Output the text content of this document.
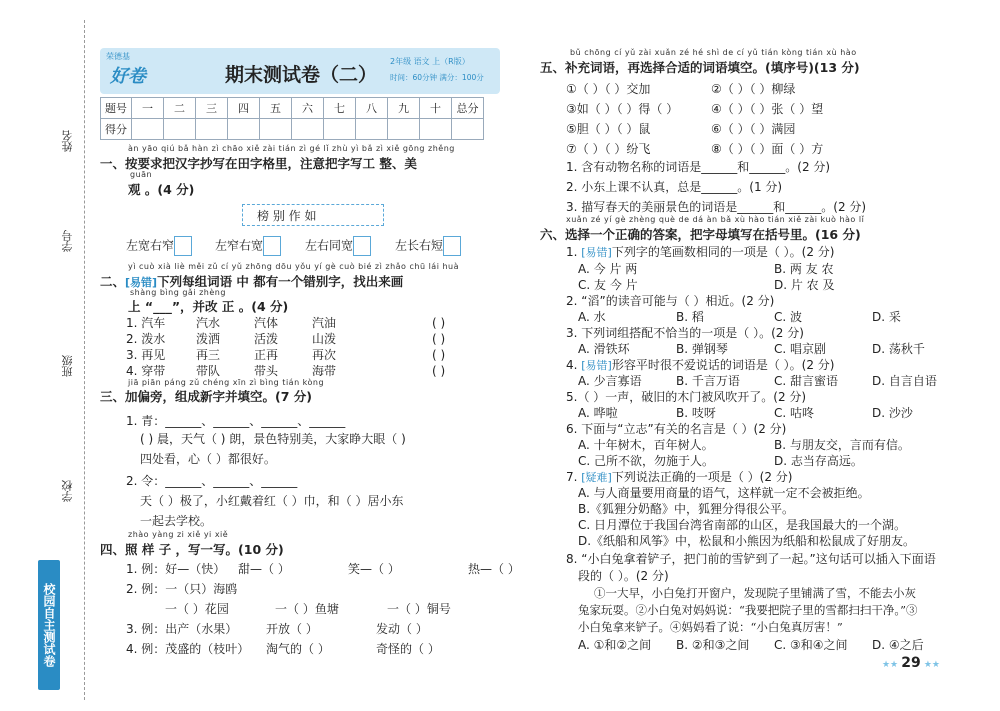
姓名
学号
班级
学校
校园自主测试卷
荣德基
好卷	期末测试卷（二）
2年级 语文 上（R版）
时间：60分钟 满分：100分
题号	一	二	三	四	五	六	七	八	九	十	总分
得分											
àn yāo qiú bǎ hàn zì chāo xiě zài tián zì gé lǐ zhù yì bǎ zì xiě gōng zhěng
一、按要求把汉字抄写在田字格里，注意把字写工 整、美
guān
观 。(4 分)
榜 别 作 如
左宽右窄	左窄右宽	左右同宽	左长右短
yì cuò xià liè měi zǔ cí yǔ zhōng dōu yǒu yí gè cuò bié zì zhǎo chū lái huà
二、[易错]下列每组词语 中 都有一个错别字，找出来画
shàng bìng gǎi zhèng
上 “___”，并改 正 。(4 分)
1. 汽车	汽水	汽体	汽油	( )
2. 泼水	泼洒	活泼	山泼	( )
3. 再见	再三	正再	再次	( )
4. 穿带	带队	带头	海带	( )
jiā piān páng zǔ chéng xīn zì bìng tián kòng
三、加偏旁，组成新字并填空。(7 分)
1. 青：______、______、______、______
( ) 晨，天气（ ) 朗，景色特别美，大家睁大眼（ )
四处看，心（ ）都很好。
2. 令：______、______、______
天（ ）极了，小红戴着红（ ）巾，和（ ）居小东
一起去学校。
zhào yàng zi xiě yi xiě
四、照 样 子 ，写一写。(10 分)
1. 例：好—（快） 甜—（ ）	笑—（ ）	热—（ ）
2. 例：一（只）海鸥
一（ ）花园	一（ ）鱼塘	一（ ）铜号
3. 例：出产（水果） 开放（ ）	发动（ ）
4. 例：茂盛的（枝叶） 淘气的（ ）	奇怪的（ ）
bǔ chōng cí yǔ zài xuǎn zé hé shì de cí yǔ tián kòng tián xù hào
五、补充词语，再选择合适的词语填空。(填序号)(13 分)
①（ ）（ ）交加	②（ ）（ ）柳绿
③如（ ）（ ）得（ ）	④（ ）（ ）张（ ）望
⑤胆（ ）（ ）鼠	⑥（ ）（ ）满园
⑦（ ）（ ）纷飞	⑧（ ）（ ）面（ ）方
1. 含有动物名称的词语是______和______。(2 分)
2. 小东上课不认真，总是______。(1 分)
3. 描写春天的美丽景色的词语是______和______。(2 分)
xuǎn zé yí gè zhèng què de dá àn bǎ xù hào tián xiě zài kuò hào lǐ
六、选择一个正确的答案，把字母填写在括号里。(16 分)
1. [易错]下列字的笔画数相同的一项是（ ）。(2 分)
A. 今 片 两	B. 两 友 农
C. 友 今 片	D. 片 农 及
2. “滔”的读音可能与（ ）相近。(2 分)
A. 水	B. 稻	C. 波	D. 采
3. 下列词组搭配不恰当的一项是（ ）。(2 分)
A. 滑铁环	B. 弹钢琴	C. 唱京剧	D. 荡秋千
4. [易错]形容平时很不爱说话的词语是（ ）。(2 分)
A. 少言寡语	B. 千言万语	C. 甜言蜜语	D. 自言自语
5.（ ）一声，破旧的木门被风吹开了。(2 分)
A. 哗啦	B. 吱呀	C. 咕咚	D. 沙沙
6. 下面与“立志”有关的名言是（ ）(2 分)
A. 十年树木，百年树人。	B. 与朋友交，言而有信。
C. 己所不欲，勿施于人。	D. 志当存高远。
7. [疑难]下列说法正确的一项是（ ）(2 分)
A. 与人商量要用商量的语气，这样就一定不会被拒绝。
B.《狐狸分奶酪》中，狐狸分得很公平。
C. 日月潭位于我国台湾省南部的山区，是我国最大的一个湖。
D.《纸船和风筝》中，松鼠和小熊因为纸船和松鼠成了好朋友。
8. “小白兔拿着铲子，把门前的雪铲到了一起。”这句话可以插入下面语
段的（ ）。(2 分)
①一大早，小白兔打开窗户，发现院子里铺满了雪，不能去小灰
兔家玩耍。②小白兔对妈妈说：“我要把院子里的雪都扫扫干净。”③
小白兔拿来铲子。④妈妈看了说：“小白兔真厉害！”
A. ①和②之间 B. ②和③之间 C. ③和④之间 D. ④之后
★★ 29 ★★
